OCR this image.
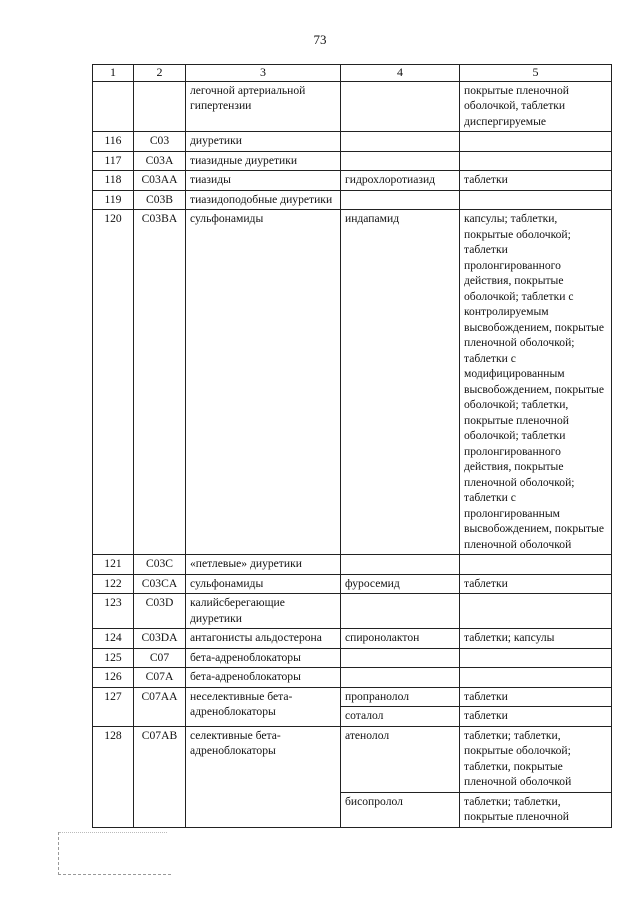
73
1	2	3	4	5
		легочной артериальной гипертензии		покрытые пленочной оболочкой, таблетки диспергируемые
116	C03	диуретики		
117	C03A	тиазидные диуретики		
118	C03AA	тиазиды	гидрохлоротиазид	таблетки
119	C03B	тиазидоподобные диуретики		
120	C03BA	сульфонамиды	индапамид	капсулы; таблетки, покрытые оболочкой; таблетки пролонгированного действия, покрытые оболочкой; таблетки с контролируемым высвобождением, покрытые пленочной оболочкой; таблетки с модифицированным высвобождением, покрытые оболочкой; таблетки, покрытые пленочной оболочкой; таблетки пролонгированного действия, покрытые пленочной оболочкой; таблетки с пролонгированным высвобождением, покрытые пленочной оболочкой
121	C03C	«петлевые» диуретики		
122	C03CA	сульфонамиды	фуросемид	таблетки
123	C03D	калийсберегающие диуретики		
124	C03DA	антагонисты альдостерона	спиронолактон	таблетки; капсулы
125	C07	бета-адреноблокаторы		
126	C07A	бета-адреноблокаторы		
127	C07AA	неселективные бета-адреноблокаторы	пропранолол	таблетки
			соталол	таблетки
128	C07AB	селективные бета-адреноблокаторы	атенолол	таблетки; таблетки, покрытые оболочкой; таблетки, покрытые пленочной оболочкой
			бисопролол	таблетки; таблетки, покрытые пленочной
